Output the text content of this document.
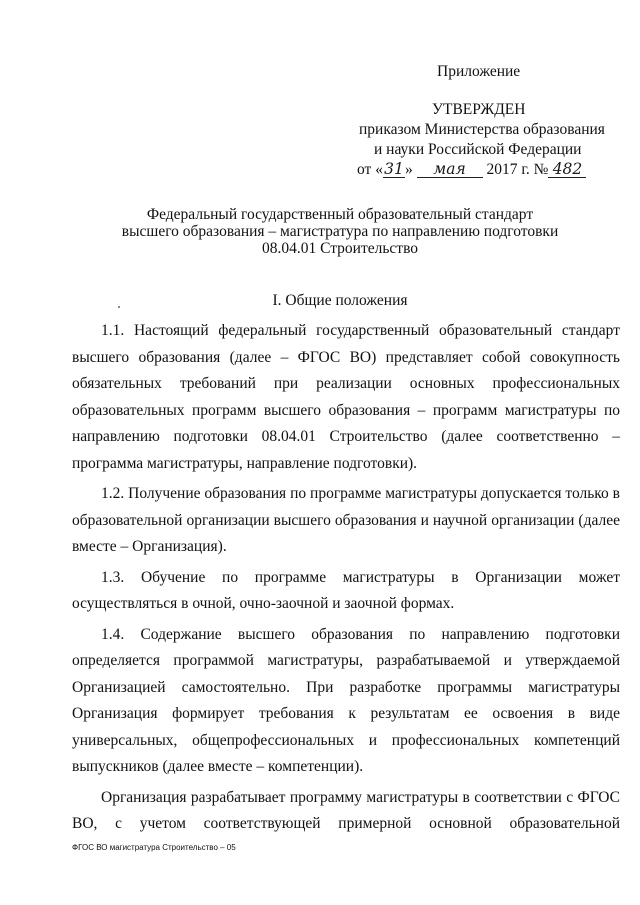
Приложение
УТВЕРЖДЕН
приказом Министерства образования
и науки Российской Федерации
от «31» мая 2017 г. № 482
Федеральный государственный образовательный стандарт
высшего образования – магистратура по направлению подготовки
08.04.01 Строительство
I. Общие положения

1.1. Настоящий федеральный государственный образовательный стандарт высшего образования (далее – ФГОС ВО) представляет собой совокупность обязательных требований при реализации основных профессиональных образовательных программ высшего образования – программ магистратуры по направлению подготовки 08.04.01 Строительство (далее соответственно – программа магистратуры, направление подготовки).

1.2. Получение образования по программе магистратуры допускается только в образовательной организации высшего образования и научной организации (далее вместе – Организация).

1.3. Обучение по программе магистратуры в Организации может осуществляться в очной, очно-заочной и заочной формах.

1.4. Содержание высшего образования по направлению подготовки определяется программой магистратуры, разрабатываемой и утверждаемой Организацией самостоятельно. При разработке программы магистратуры Организация формирует требования к результатам ее освоения в виде универсальных, общепрофессиональных и профессиональных компетенций выпускников (далее вместе – компетенции).

Организация разрабатывает программу магистратуры в соответствии с ФГОС ВО, с учетом соответствующей примерной основной образовательной

ФГОС ВО магистратура Строительство – 05
